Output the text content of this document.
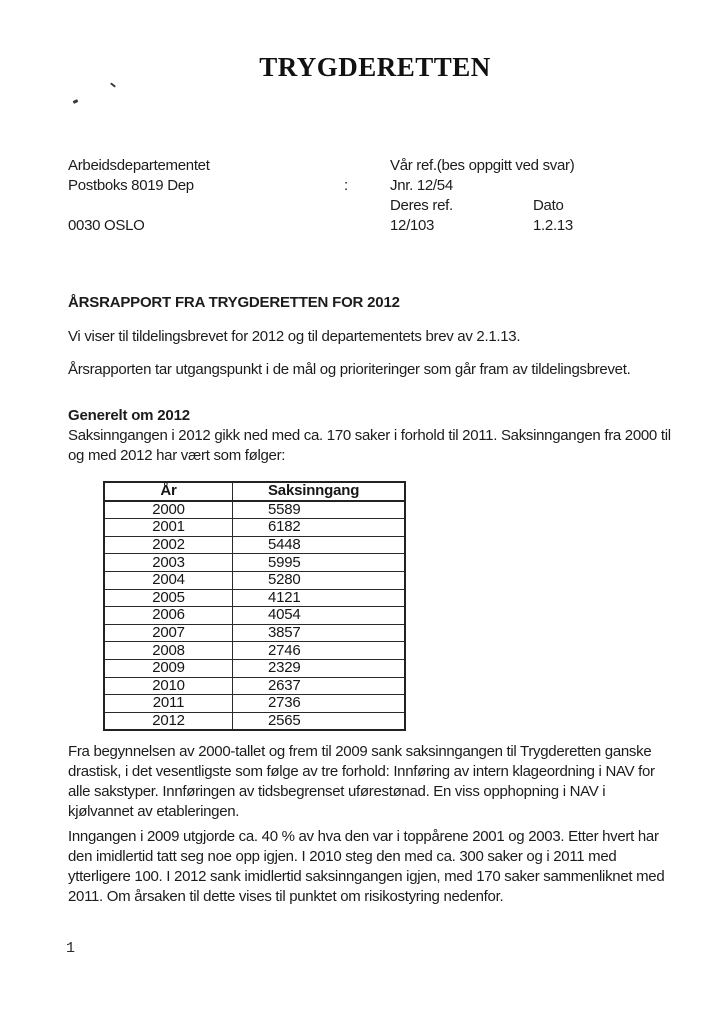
TRYGDERETTEN
Arbeidsdepartementet
Postboks 8019 Dep
0030 OSLO
:
Vår ref.(bes oppgitt ved svar)
Jnr. 12/54
Deres ref.	Dato
12/103	1.2.13
ÅRSRAPPORT FRA TRYGDERETTEN FOR 2012

Vi viser til tildelingsbrevet for 2012 og til departementets brev av 2.1.13.

Årsrapporten tar utgangspunkt i de mål og prioriteringer som går fram av tildelingsbrevet.

Generelt om 2012

Saksinngangen i 2012 gikk ned med ca. 170 saker i forhold til 2011. Saksinngangen fra 2000 til og med 2012 har vært som følger:

År	Saksinngang
2000	5589
2001	6182
2002	5448
2003	5995
2004	5280
2005	4121
2006	4054
2007	3857
2008	2746
2009	2329
2010	2637
2011	2736
2012	2565

Fra begynnelsen av 2000-tallet og frem til 2009 sank saksinngangen til Trygderetten ganske drastisk, i det vesentligste som følge av tre forhold: Innføring av intern klageordning i NAV for alle sakstyper. Innføringen av tidsbegrenset uførestønad. En viss opphopning i NAV i kjølvannet av etableringen.

Inngangen i 2009 utgjorde ca. 40 % av hva den var i toppårene 2001 og 2003. Etter hvert har den imidlertid tatt seg noe opp igjen. I 2010 steg den med ca. 300 saker og i 2011 med ytterligere 100. I 2012 sank imidlertid saksinngangen igjen, med 170 saker sammenliknet med 2011. Om årsaken til dette vises til punktet om risikostyring nedenfor.

1
